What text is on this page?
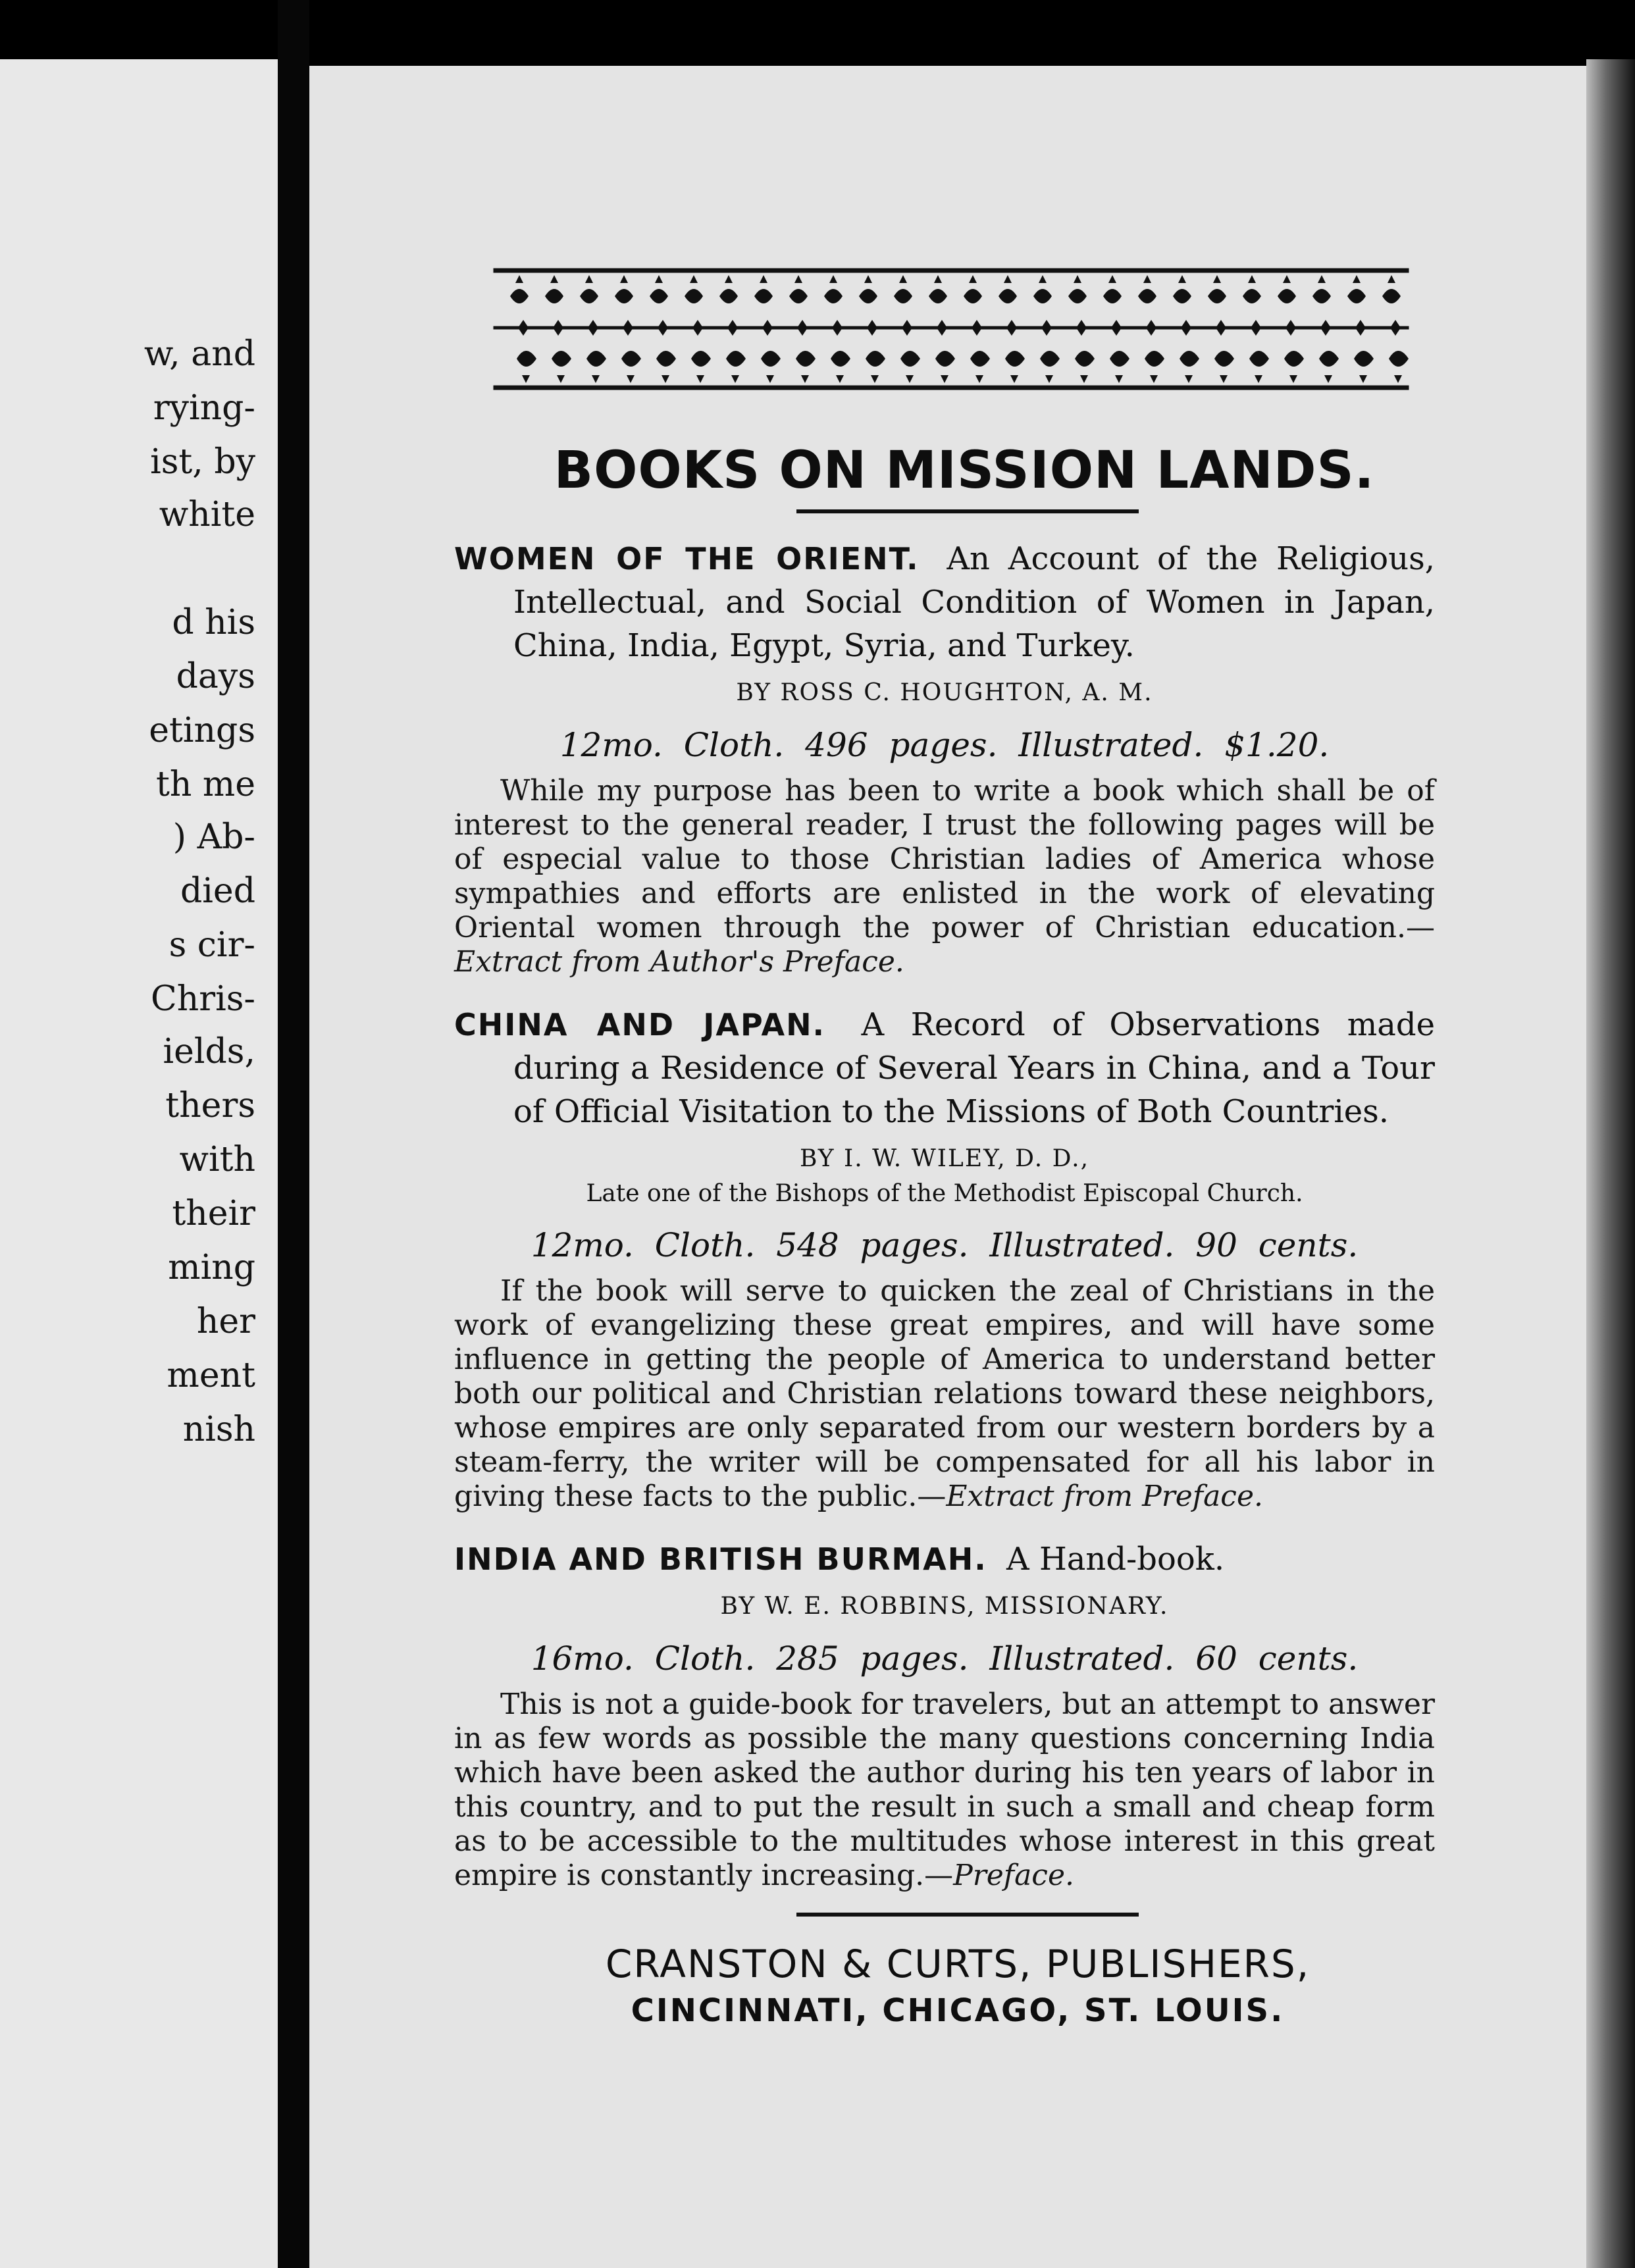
w, and
rying-
ist, by
white
d his
days
etings
th me
) Ab-
died
s cir-
Chris-
ields,
thers
with
their
ming
her
ment
nish
BOOKS ON MISSION LANDS.

WOMEN OF THE ORIENT. An Account of the Religious, Intellectual, and Social Condition of Women in Japan, China, India, Egypt, Syria, and Turkey.

BY ROSS C. HOUGHTON, A. M.

12mo. Cloth. 496 pages. Illustrated. $1.20.

While my purpose has been to write a book which shall be of interest to the general reader, I trust the following pages will be of especial value to those Christian ladies of America whose sympathies and efforts are enlisted in the work of elevating Oriental women through the power of Christian education.—Extract from Author's Preface.

CHINA AND JAPAN. A Record of Observations made during a Residence of Several Years in China, and a Tour of Official Visitation to the Missions of Both Countries.

BY I. W. WILEY, D. D.,

Late one of the Bishops of the Methodist Episcopal Church.

12mo. Cloth. 548 pages. Illustrated. 90 cents.

If the book will serve to quicken the zeal of Christians in the work of evangelizing these great empires, and will have some influence in getting the people of America to understand better both our political and Christian relations toward these neighbors, whose empires are only separated from our western borders by a steam-ferry, the writer will be compensated for all his labor in giving these facts to the public.—Extract from Preface.

INDIA AND BRITISH BURMAH. A Hand-book.

BY W. E. ROBBINS, MISSIONARY.

16mo. Cloth. 285 pages. Illustrated. 60 cents.

This is not a guide-book for travelers, but an attempt to answer in as few words as possible the many questions concerning India which have been asked the author during his ten years of labor in this country, and to put the result in such a small and cheap form as to be accessible to the multitudes whose interest in this great empire is constantly increasing.—Preface.

CRANSTON & CURTS, PUBLISHERS,
CINCINNATI, CHICAGO, ST. LOUIS.
